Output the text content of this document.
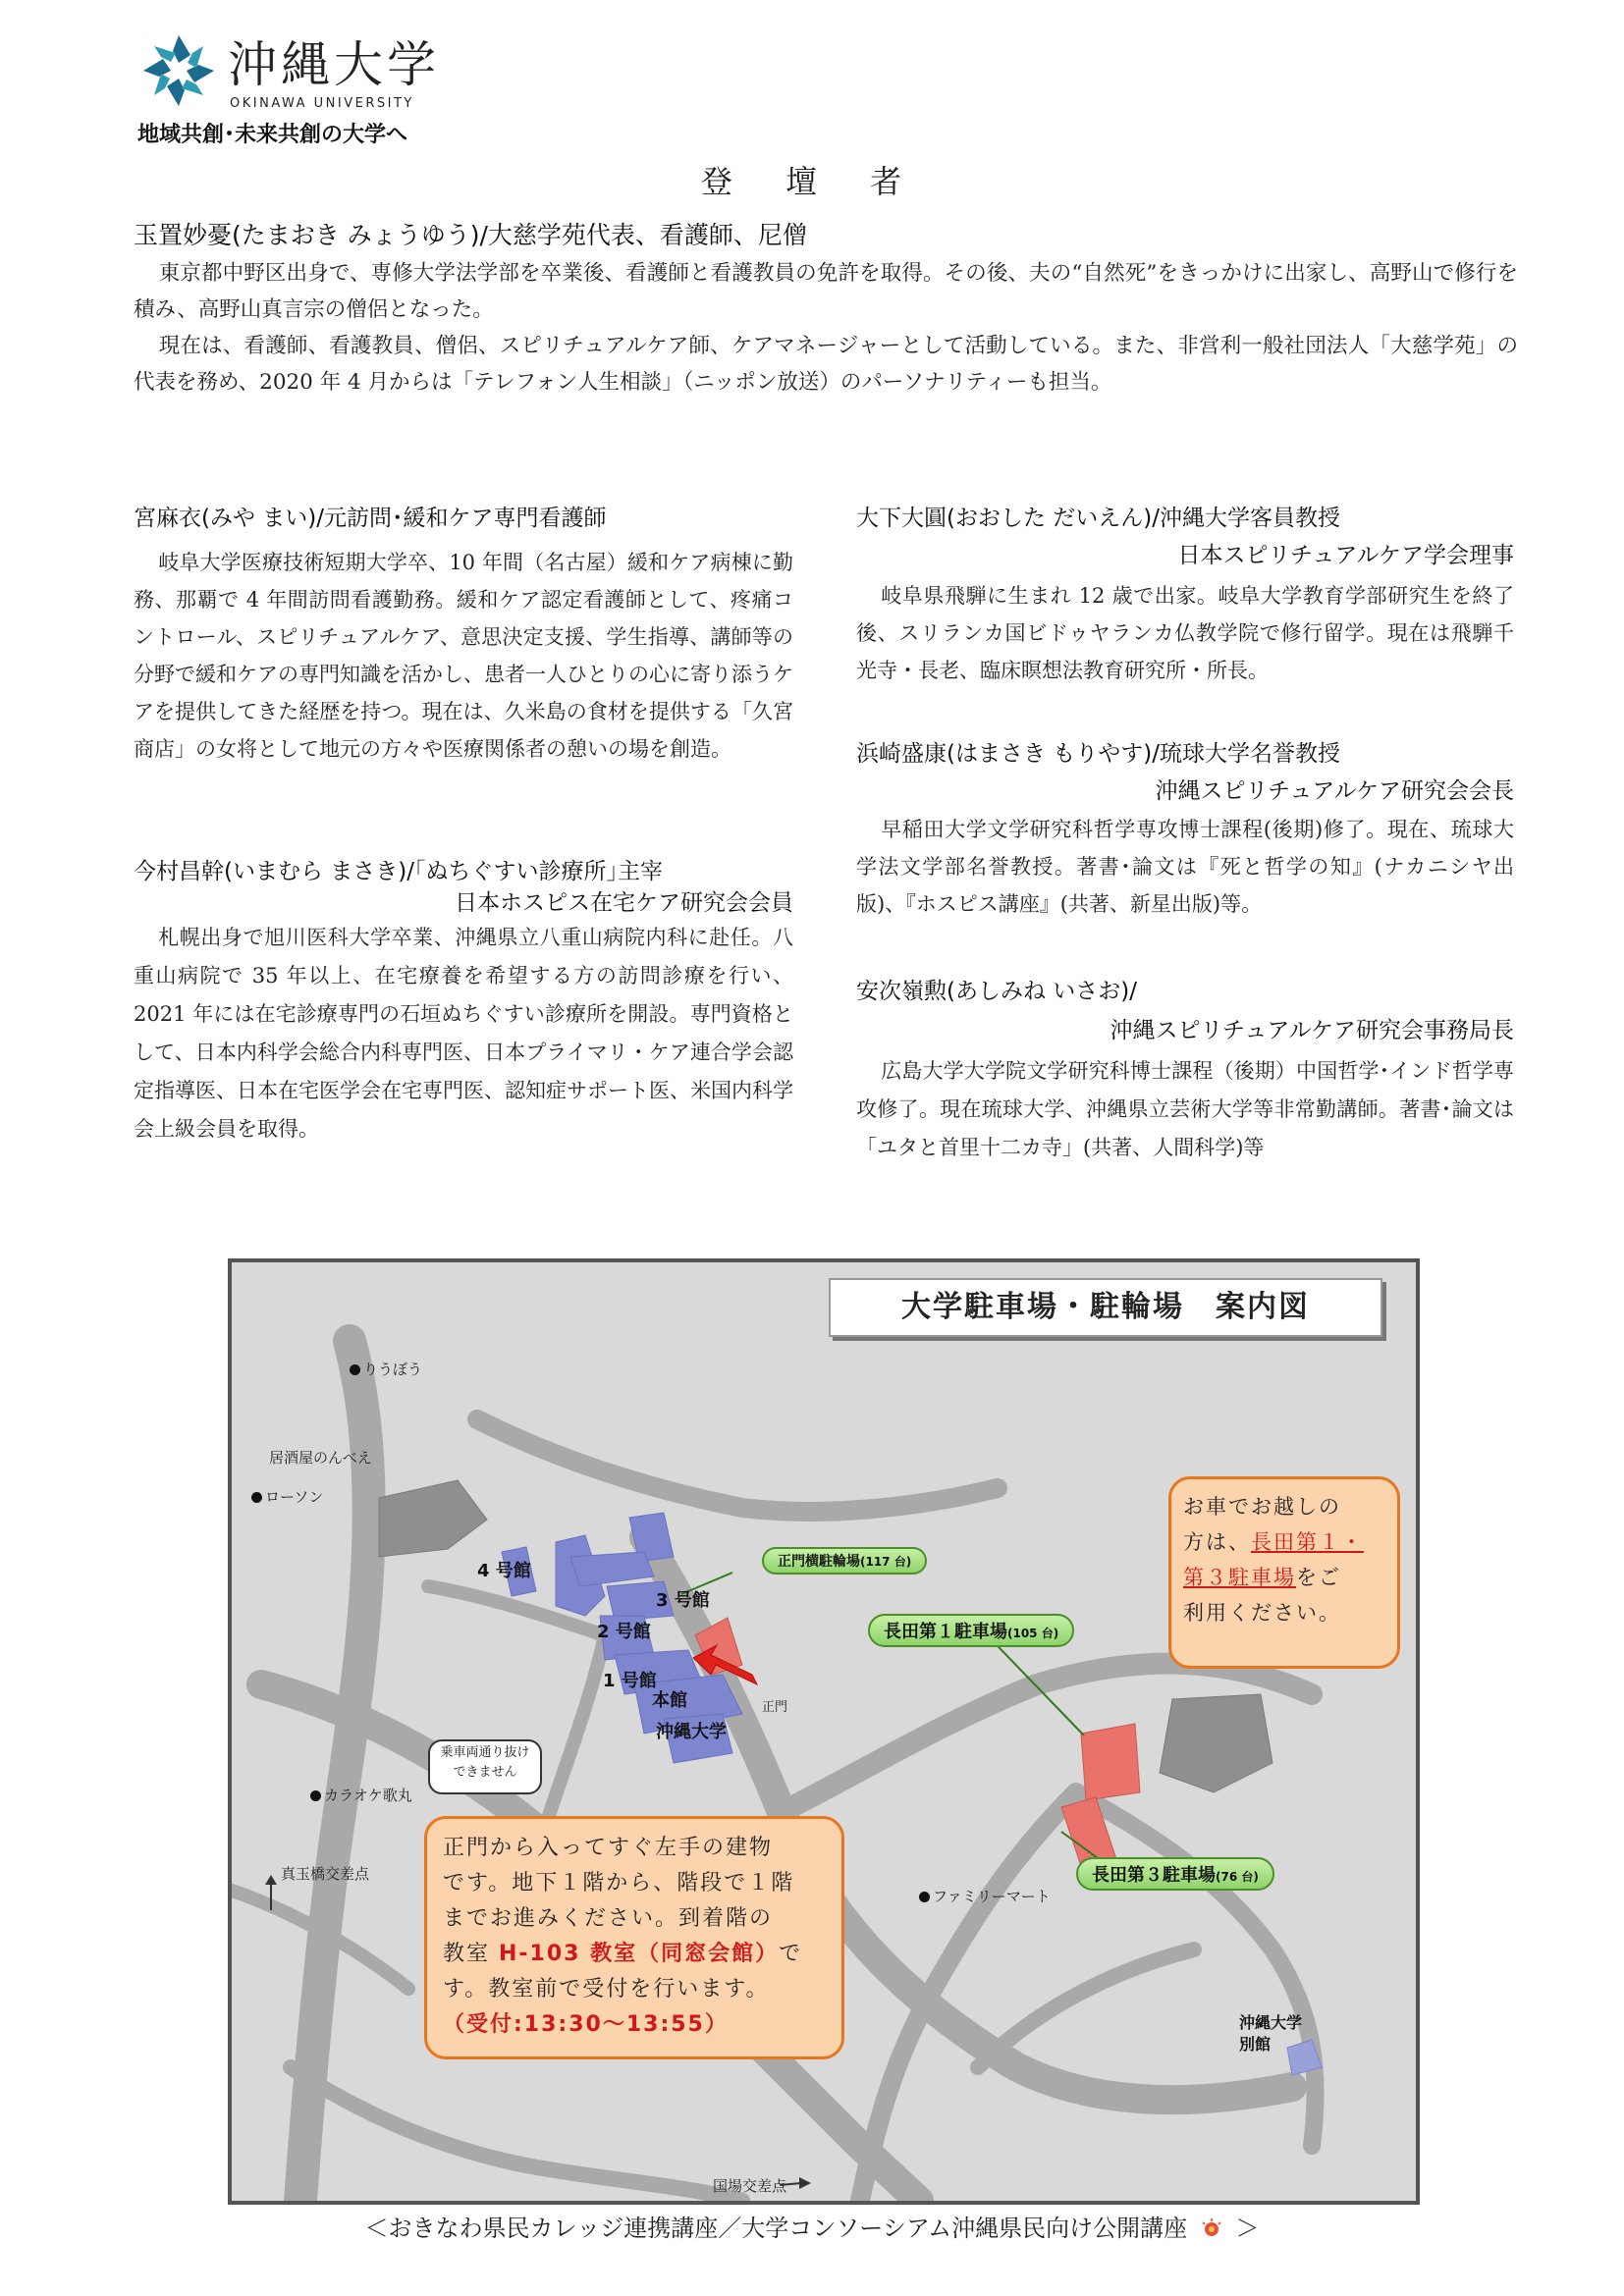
沖縄大学
OKINAWA UNIVERSITY
地域共創･未来共創の大学へ
登 壇 者
玉置妙憂(たまおき みょうゆう)/大慈学苑代表、看護師、尼僧
東京都中野区出身で、専修大学法学部を卒業後、看護師と看護教員の免許を取得。その後、夫の“自然死”をきっかけに出家し、高野山で修行を積み、高野山真言宗の僧侶となった。
現在は、看護師、看護教員、僧侶、スピリチュアルケア師、ケアマネージャーとして活動している。また、非営利一般社団法人「大慈学苑」の代表を務め、2020 年 4 月からは「テレフォン人生相談」（ニッポン放送）のパーソナリティーも担当。
宮麻衣(みや まい)/元訪問･緩和ケア専門看護師
岐阜大学医療技術短期大学卒、10 年間（名古屋）緩和ケア病棟に勤務、那覇で 4 年間訪問看護勤務。緩和ケア認定看護師として、疼痛コントロール、スピリチュアルケア、意思決定支援、学生指導、講師等の分野で緩和ケアの専門知識を活かし、患者一人ひとりの心に寄り添うケアを提供してきた経歴を持つ。現在は、久米島の食材を提供する「久宮商店」の女将として地元の方々や医療関係者の憩いの場を創造。
今村昌幹(いまむら まさき)/｢ぬちぐすい診療所｣主宰
日本ホスピス在宅ケア研究会会員
札幌出身で旭川医科大学卒業、沖縄県立八重山病院内科に赴任。八重山病院で 35 年以上、在宅療養を希望する方の訪問診療を行い、2021 年には在宅診療専門の石垣ぬちぐすい診療所を開設。専門資格として、日本内科学会総合内科専門医、日本プライマリ・ケア連合学会認定指導医、日本在宅医学会在宅専門医、認知症サポート医、米国内科学会上級会員を取得。
大下大圓(おおした だいえん)/沖縄大学客員教授
日本スピリチュアルケア学会理事
岐阜県飛騨に生まれ 12 歳で出家。岐阜大学教育学部研究生を終了後、スリランカ国ビドゥヤランカ仏教学院で修行留学。現在は飛騨千光寺・長老、臨床瞑想法教育研究所・所長。
浜崎盛康(はまさき もりやす)/琉球大学名誉教授
沖縄スピリチュアルケア研究会会長
早稲田大学文学研究科哲学専攻博士課程(後期)修了。現在、琉球大学法文学部名誉教授。著書･論文は『死と哲学の知』(ナカニシヤ出版)、『ホスピス講座』(共著、新星出版)等。
安次嶺勲(あしみね いさお)/
沖縄スピリチュアルケア研究会事務局長
広島大学大学院文学研究科博士課程（後期）中国哲学･インド哲学専攻修了。現在琉球大学、沖縄県立芸術大学等非常勤講師。著書･論文は「ユタと首里十二カ寺」(共著、人間科学)等
大学駐車場・駐輪場　案内図
りうぼう
居酒屋のんべえ
ローソン
カラオケ歌丸
真玉橋交差点
ファミリーマート
国場交差点
4 号館
3 号館
2 号館
1 号館
本館
沖縄大学
沖縄大学
別館
正門
乗車両通り抜け
できません
正門横駐輪場(117 台)
長田第１駐車場(105 台)
長田第３駐車場(76 台)
お車でお越しの
方は、長田第１・
第３駐車場をご
利用ください。
正門から入ってすぐ左手の建物
です。地下１階から、階段で１階
までお進みください。到着階の
教室 H-103 教室（同窓会館）で
す。教室前で受付を行います。
（受付:13:30～13:55）
＜おきなわ県民カレッジ連携講座／大学コンソーシアム沖縄県民向け公開講座 ＞
